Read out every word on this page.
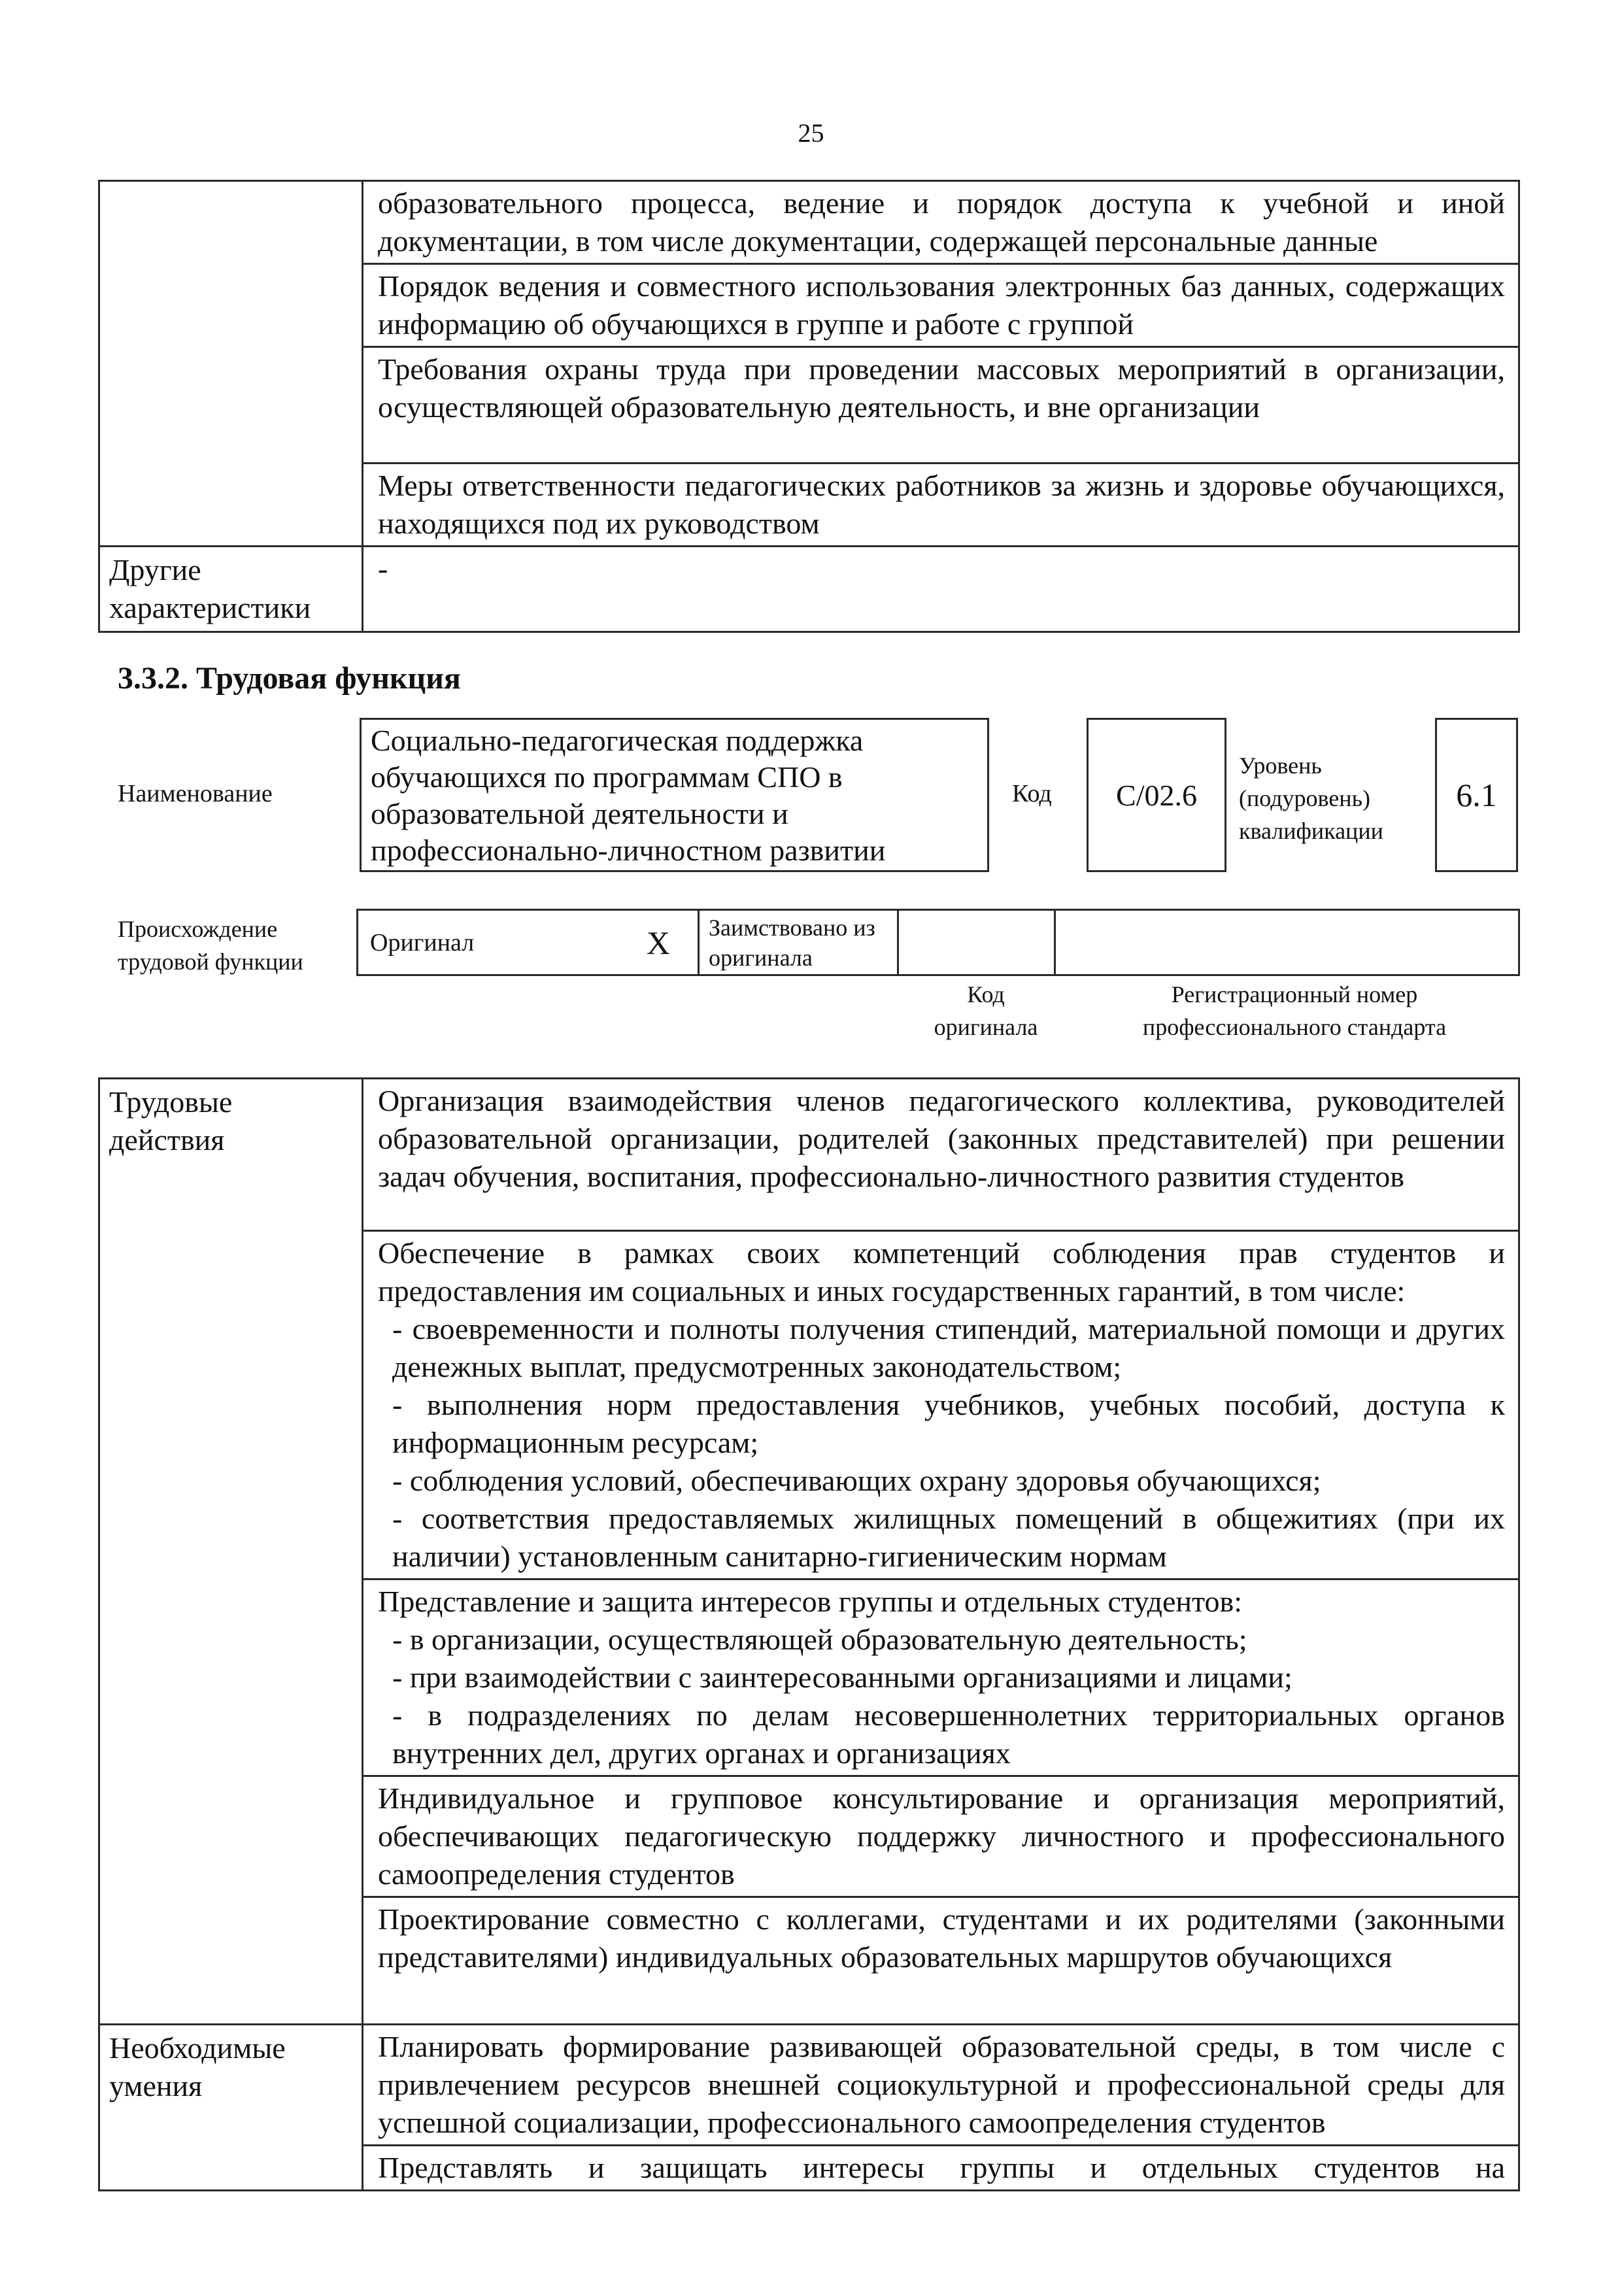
25
	образовательного процесса, ведение и порядок доступа к учебной и иной документации, в том числе документации, содержащей персональные данные
	Порядок ведения и совместного использования электронных баз данных, содержащих информацию об обучающихся в группе и работе с группой
	Требования охраны труда при проведении массовых мероприятий в организации, осуществляющей образовательную деятельность, и вне организации
	Меры ответственности педагогических работников за жизнь и здоровье обучающихся, находящихся под их руководством
Другие характеристики	-
3.3.2. Трудовая функция
Наименование
Социально-педагогическая поддержка обучающихся по программам СПО в образовательной деятельности и профессионально-личностном развитии
Код C/02.6
Уровень (подуровень) квалификации
6.1
Происхождение трудовой функции
Оригинал	X	Заимствовано из оригинала		
Код оригинала
Регистрационный номер профессионального стандарта
Трудовые действия	Организация взаимодействия членов педагогического коллектива, руководителей образовательной организации, родителей (законных представителей) при решении задач обучения, воспитания, профессионально-личностного развития студентов

	Обеспечение в рамках своих компетенций соблюдения прав студентов и предоставления им социальных и иных государственных гарантий, в том числе:
- своевременности и полноты получения стипендий, материальной помощи и других денежных выплат, предусмотренных законодательством;
- выполнения норм предоставления учебников, учебных пособий, доступа к информационным ресурсам;
- соблюдения условий, обеспечивающих охрану здоровья обучающихся;
- соответствия предоставляемых жилищных помещений в общежитиях (при их наличии) установленным санитарно-гигиеническим нормам

	Представление и защита интересов группы и отдельных студентов:
- в организации, осуществляющей образовательную деятельность;
- при взаимодействии с заинтересованными организациями и лицами;
- в подразделениях по делам несовершеннолетних территориальных органов внутренних дел, других органах и организациях

	Индивидуальное и групповое консультирование и организация мероприятий, обеспечивающих педагогическую поддержку личностного и профессионального самоопределения студентов
	Проектирование совместно с коллегами, студентами и их родителями (законными представителями) индивидуальных образовательных маршрутов обучающихся
Необходимые умения	Планировать формирование развивающей образовательной среды, в том числе с привлечением ресурсов внешней социокультурной и профессиональной среды для успешной социализации, профессионального самоопределения студентов
	Представлять и защищать интересы группы и отдельных студентов на
